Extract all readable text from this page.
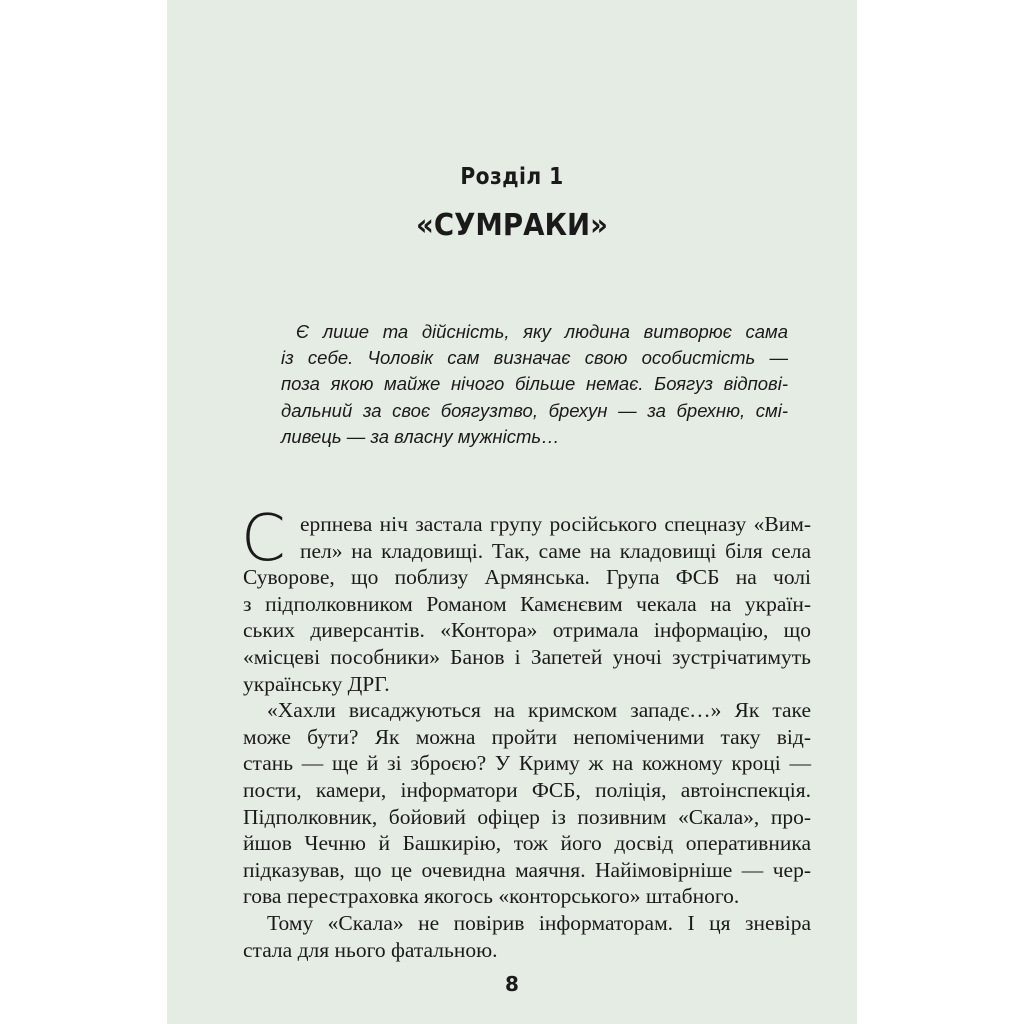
Розділ 1
«СУМРАКИ»
Є лише та дійсність, яку людина витворює сама
із себе. Чоловік сам визначає свою особистість —
поза якою майже нічого більше немає. Боягуз відпові-
дальний за своє боягузтво, брехун — за брехню, смі-
ливець — за власну мужність…
С ерпнева ніч застала групу російського спецназу «Вим-
пел» на кладовищі. Так, саме на кладовищі біля села
Суворове, що поблизу Армянська. Група ФСБ на чолі
з підполковником Романом Камєнєвим чекала на україн-
ських диверсантів. «Контора» отримала інформацію, що
«місцеві пособники» Банов і Запетей уночі зустрічатимуть
українську ДРГ.
«Хахли висаджуються на кримском западє…» Як таке
може бути? Як можна пройти непоміченими таку від-
стань — ще й зі зброєю? У Криму ж на кожному кроці —
пости, камери, інформатори ФСБ, поліція, автоінспекція.
Підполковник, бойовий офіцер із позивним «Скала», про-
йшов Чечню й Башкирію, тож його досвід оперативника
підказував, що це очевидна маячня. Найімовірніше — чер-
гова перестраховка якогось «конторського» штабного.
Тому «Скала» не повірив інформаторам. І ця зневіра
стала для нього фатальною.
8
